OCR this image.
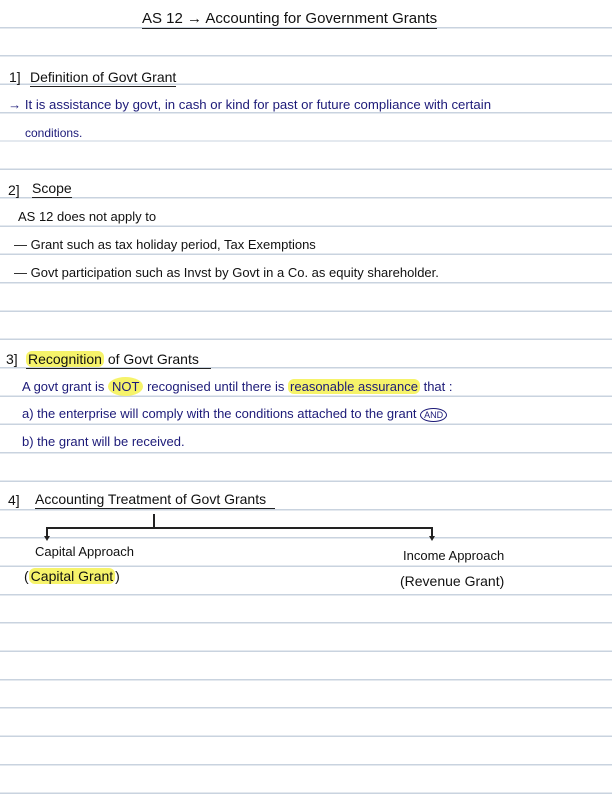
AS 12 → Accounting for Government Grants
1] Definition of Govt Grant
→ It is assistance by govt, in cash or kind for past or future compliance with certain
conditions.
2] Scope
AS 12 does not apply to
— Grant such as tax holiday period, Tax Exemptions
— Govt participation such as Invst by Govt in a Co. as equity shareholder.
3] Recognition of Govt Grants
A govt grant is NOT recognised until there is reasonable assurance that :
a) the enterprise will comply with the conditions attached to the grant AND
b) the grant will be received.
4] Accounting Treatment of Govt Grants
Capital Approach
( Capital Grant )
Income Approach
(Revenue Grant)
